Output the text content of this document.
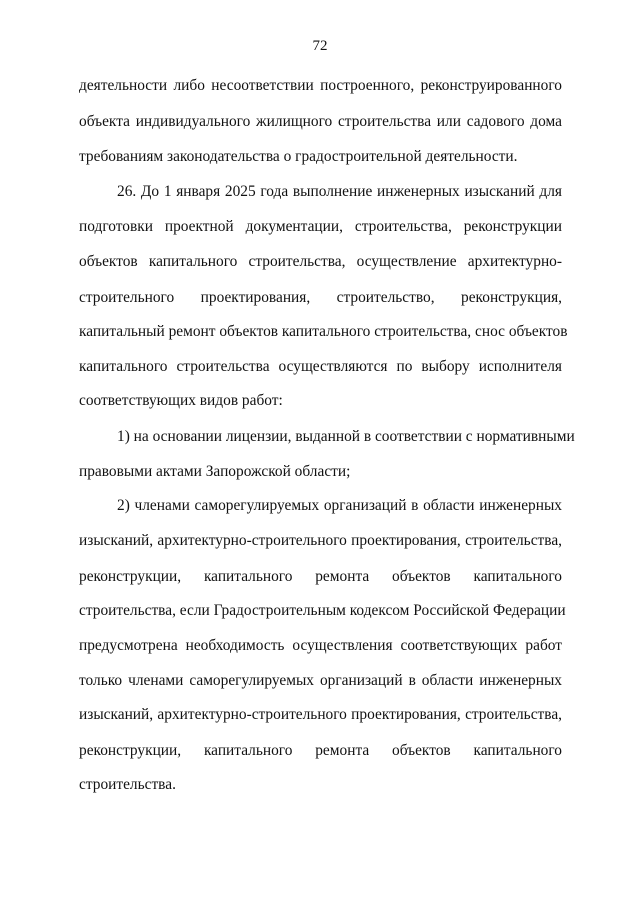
72
деятельности либо несоответствии построенного, реконструированного
объекта индивидуального жилищного строительства или садового дома
требованиям законодательства о градостроительной деятельности.
26. До 1 января 2025 года выполнение инженерных изысканий для
подготовки проектной документации, строительства, реконструкции
объектов капитального строительства, осуществление архитектурно-
строительного проектирования, строительство, реконструкция,
капитальный ремонт объектов капитального строительства, снос объектов
капитального строительства осуществляются по выбору исполнителя
соответствующих видов работ:
1) на основании лицензии, выданной в соответствии с нормативными
правовыми актами Запорожской области;
2) членами саморегулируемых организаций в области инженерных
изысканий, архитектурно-строительного проектирования, строительства,
реконструкции, капитального ремонта объектов капитального
строительства, если Градостроительным кодексом Российской Федерации
предусмотрена необходимость осуществления соответствующих работ
только членами саморегулируемых организаций в области инженерных
изысканий, архитектурно-строительного проектирования, строительства,
реконструкции, капитального ремонта объектов капитального
строительства.
